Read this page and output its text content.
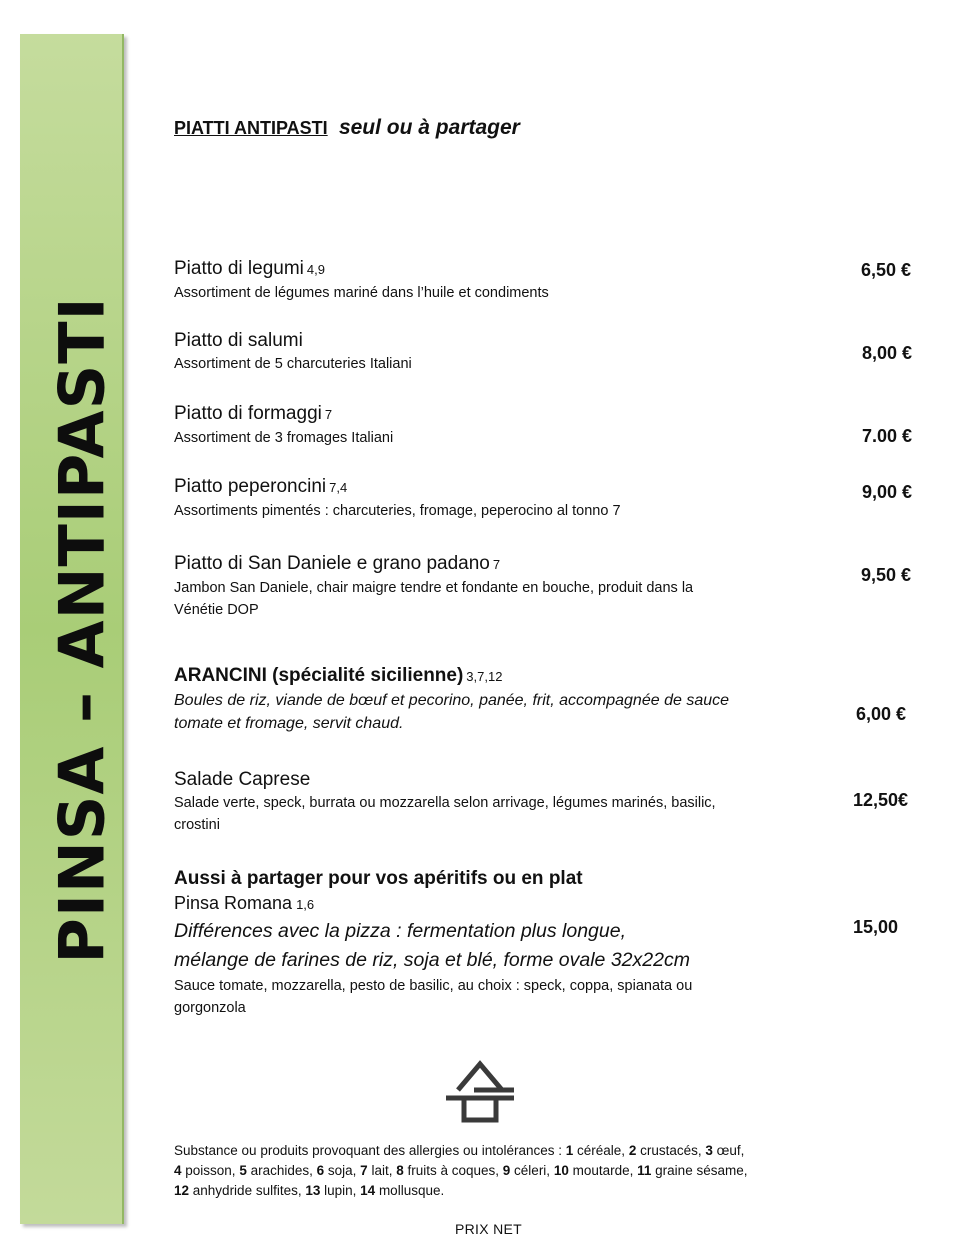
PINSA – ANTIPASTI
PIATTI ANTIPASTI seul ou à partager
Piatto di legumi 4,9
Assortiment de légumes mariné dans l’huile et condiments
6,50 €
Piatto di salumi
Assortiment de 5 charcuteries Italiani
8,00 €
Piatto di formaggi 7
Assortiment de 3 fromages Italiani	7.00 €
Piatto peperoncini 7,4
Assortiments pimentés : charcuteries, fromage, peperocino al tonno 7
9,00 €
Piatto di San Daniele e grano padano 7
Jambon San Daniele, chair maigre tendre et fondante en bouche, produit dans la
Vénétie DOP
9,50 €
ARANCINI (spécialité sicilienne) 3,7,12
Boules de riz, viande de bœuf et pecorino, panée, frit, accompagnée de sauce
tomate et fromage, servit chaud.	6,00 €
Salade Caprese
Salade verte, speck, burrata ou mozzarella selon arrivage, légumes marinés, basilic,
crostini
12,50€
Aussi à partager pour vos apéritifs ou en plat
Pinsa Romana 1,6
Différences avec la pizza : fermentation plus longue,
mélange de farines de riz, soja et blé, forme ovale 32x22cm
Sauce tomate, mozzarella, pesto de basilic, au choix : speck, coppa, spianata ou
gorgonzola
15,00
Substance ou produits provoquant des allergies ou intolérances : 1 céréale, 2 crustacés, 3 œuf,
4 poisson, 5 arachides, 6 soja, 7 lait, 8 fruits à coques, 9 céleri, 10 moutarde, 11 graine sésame,
12 anhydride sulfites, 13 lupin, 14 mollusque.
PRIX NET
